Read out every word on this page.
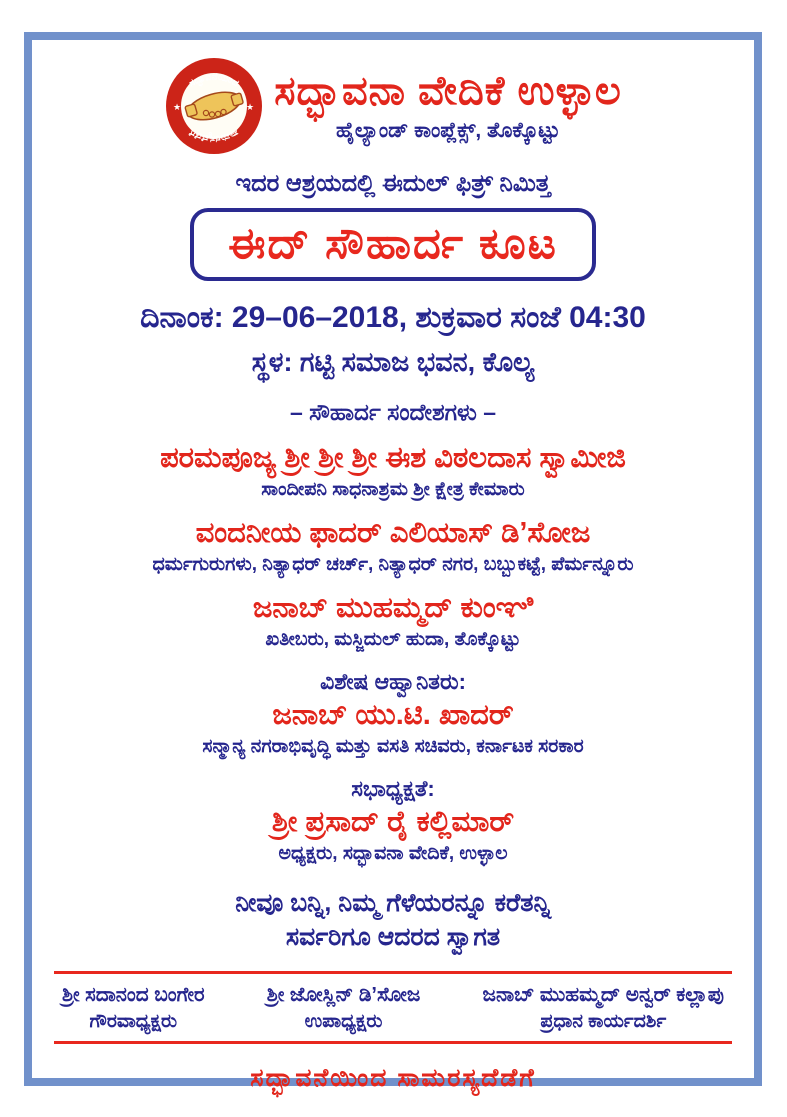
ಸದ್ಭಾವನೆಯಿಂದ
ಸಾಮರಸ್ಯದೆಡೆಗೆ
★	★ ಸದ್ಭಾವನಾ ವೇದಿಕೆ ಉಳ್ಳಾಲ
ಹೈಲ್ಯಾಂಡ್ ಕಾಂಪ್ಲೆಕ್ಸ್, ತೊಕ್ಕೊಟ್ಟು
ಇದರ ಆಶ್ರಯದಲ್ಲಿ ಈದುಲ್ ಫಿತ್ರ್ ನಿಮಿತ್ತ
ಈದ್ ಸೌಹಾರ್ದ ಕೂಟ
ದಿನಾಂಕ: 29–06–2018, ಶುಕ್ರವಾರ ಸಂಜೆ 04:30
ಸ್ಥಳ: ಗಟ್ಟಿ ಸಮಾಜ ಭವನ, ಕೊಲ್ಯ
– ಸೌಹಾರ್ದ ಸಂದೇಶಗಳು –
ಪರಮಪೂಜ್ಯ ಶ್ರೀ ಶ್ರೀ ಶ್ರೀ ಈಶ ವಿಠಲದಾಸ ಸ್ವಾಮೀಜಿ
ಸಾಂದೀಪನಿ ಸಾಧನಾಶ್ರಮ ಶ್ರೀ ಕ್ಷೇತ್ರ ಕೇಮಾರು
ವಂದನೀಯ ಫಾದರ್ ಎಲಿಯಾಸ್ ಡಿ’ಸೋಜ
ಧರ್ಮಗುರುಗಳು, ನಿತ್ಯಾಧರ್ ಚರ್ಚ್, ನಿತ್ಯಾಧರ್ ನಗರ, ಬಬ್ಬುಕಟ್ಟೆ, ಪೆರ್ಮನ್ನೂರು
ಜನಾಬ್ ಮುಹಮ್ಮದ್ ಕುಂಞಿ
ಖತೀಬರು, ಮಸ್ಜಿದುಲ್ ಹುದಾ, ತೊಕ್ಕೊಟ್ಟು
ವಿಶೇಷ ಆಹ್ವಾನಿತರು:
ಜನಾಬ್ ಯು.ಟಿ. ಖಾದರ್
ಸನ್ಮಾನ್ಯ ನಗರಾಭಿವೃದ್ಧಿ ಮತ್ತು ವಸತಿ ಸಚಿವರು, ಕರ್ನಾಟಕ ಸರಕಾರ
ಸಭಾಧ್ಯಕ್ಷತೆ:
ಶ್ರೀ ಪ್ರಸಾದ್ ರೈ ಕಲ್ಲಿಮಾರ್
ಅಧ್ಯಕ್ಷರು, ಸದ್ಭಾವನಾ ವೇದಿಕೆ, ಉಳ್ಳಾಲ
ನೀವೂ ಬನ್ನಿ, ನಿಮ್ಮ ಗೆಳೆಯರನ್ನೂ ಕರೆತನ್ನಿ
ಸರ್ವರಿಗೂ ಆದರದ ಸ್ವಾಗತ
ಶ್ರೀ ಸದಾನಂದ ಬಂಗೇರ
ಗೌರವಾಧ್ಯಕ್ಷರು
ಶ್ರೀ ಜೋಸ್ಲಿನ್ ಡಿ’ಸೋಜ
ಉಪಾಧ್ಯಕ್ಷರು
ಜನಾಬ್ ಮುಹಮ್ಮದ್ ಅನ್ವರ್ ಕಲ್ಲಾಪು
ಪ್ರಧಾನ ಕಾರ್ಯದರ್ಶಿ
ಸದ್ಭಾವನೆಯಿಂದ ಸಾಮರಸ್ಯದೆಡೆಗೆ
